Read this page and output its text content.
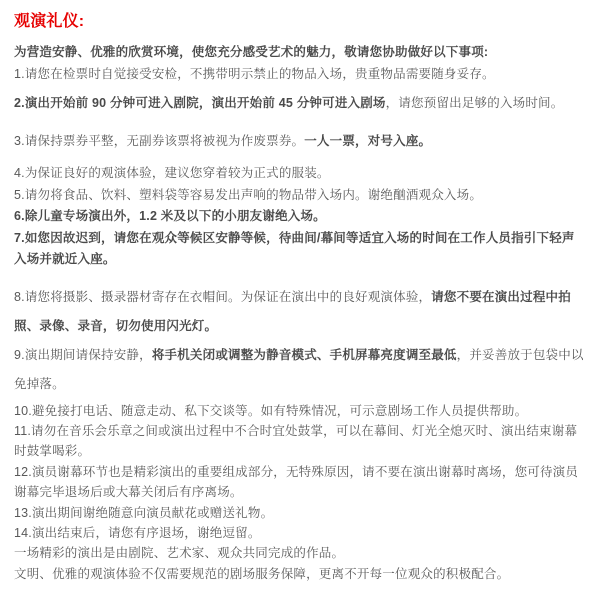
观演礼仪:

为营造安静、优雅的欣赏环境，使您充分感受艺术的魅力，敬请您协助做好以下事项:
1.请您在检票时自觉接受安检，不携带明示禁止的物品入场，贵重物品需要随身妥存。

2.演出开始前 90 分钟可进入剧院，演出开始前 45 分钟可进入剧场，请您预留出足够的入场时间。

3.请保持票券平整，无副券该票将被视为作废票券。一人一票，对号入座。

4.为保证良好的观演体验，建议您穿着较为正式的服装。
5.请勿将食品、饮料、塑料袋等容易发出声响的物品带入场内。谢绝酗酒观众入场。
6.除儿童专场演出外，1.2 米及以下的小朋友谢绝入场。
7.如您因故迟到，请您在观众等候区安静等候，待曲间/幕间等适宜入场的时间在工作人员指引下轻声入场并就近入座。

8.请您将摄影、摄录器材寄存在衣帽间。为保证在演出中的良好观演体验，请您不要在演出过程中拍照、录像、录音，切勿使用闪光灯。

9.演出期间请保持安静，将手机关闭或调整为静音模式、手机屏幕亮度调至最低，并妥善放于包袋中以免掉落。

10.避免接打电话、随意走动、私下交谈等。如有特殊情况，可示意剧场工作人员提供帮助。
11.请勿在音乐会乐章之间或演出过程中不合时宜处鼓掌，可以在幕间、灯光全熄灭时、演出结束谢幕时鼓掌喝彩。
12.演员谢幕环节也是精彩演出的重要组成部分，无特殊原因，请不要在演出谢幕时离场，您可待演员谢幕完毕退场后或大幕关闭后有序离场。
13.演出期间谢绝随意向演员献花或赠送礼物。
14.演出结束后，请您有序退场，谢绝逗留。
一场精彩的演出是由剧院、艺术家、观众共同完成的作品。
文明、优雅的观演体验不仅需要规范的剧场服务保障，更离不开每一位观众的积极配合。
